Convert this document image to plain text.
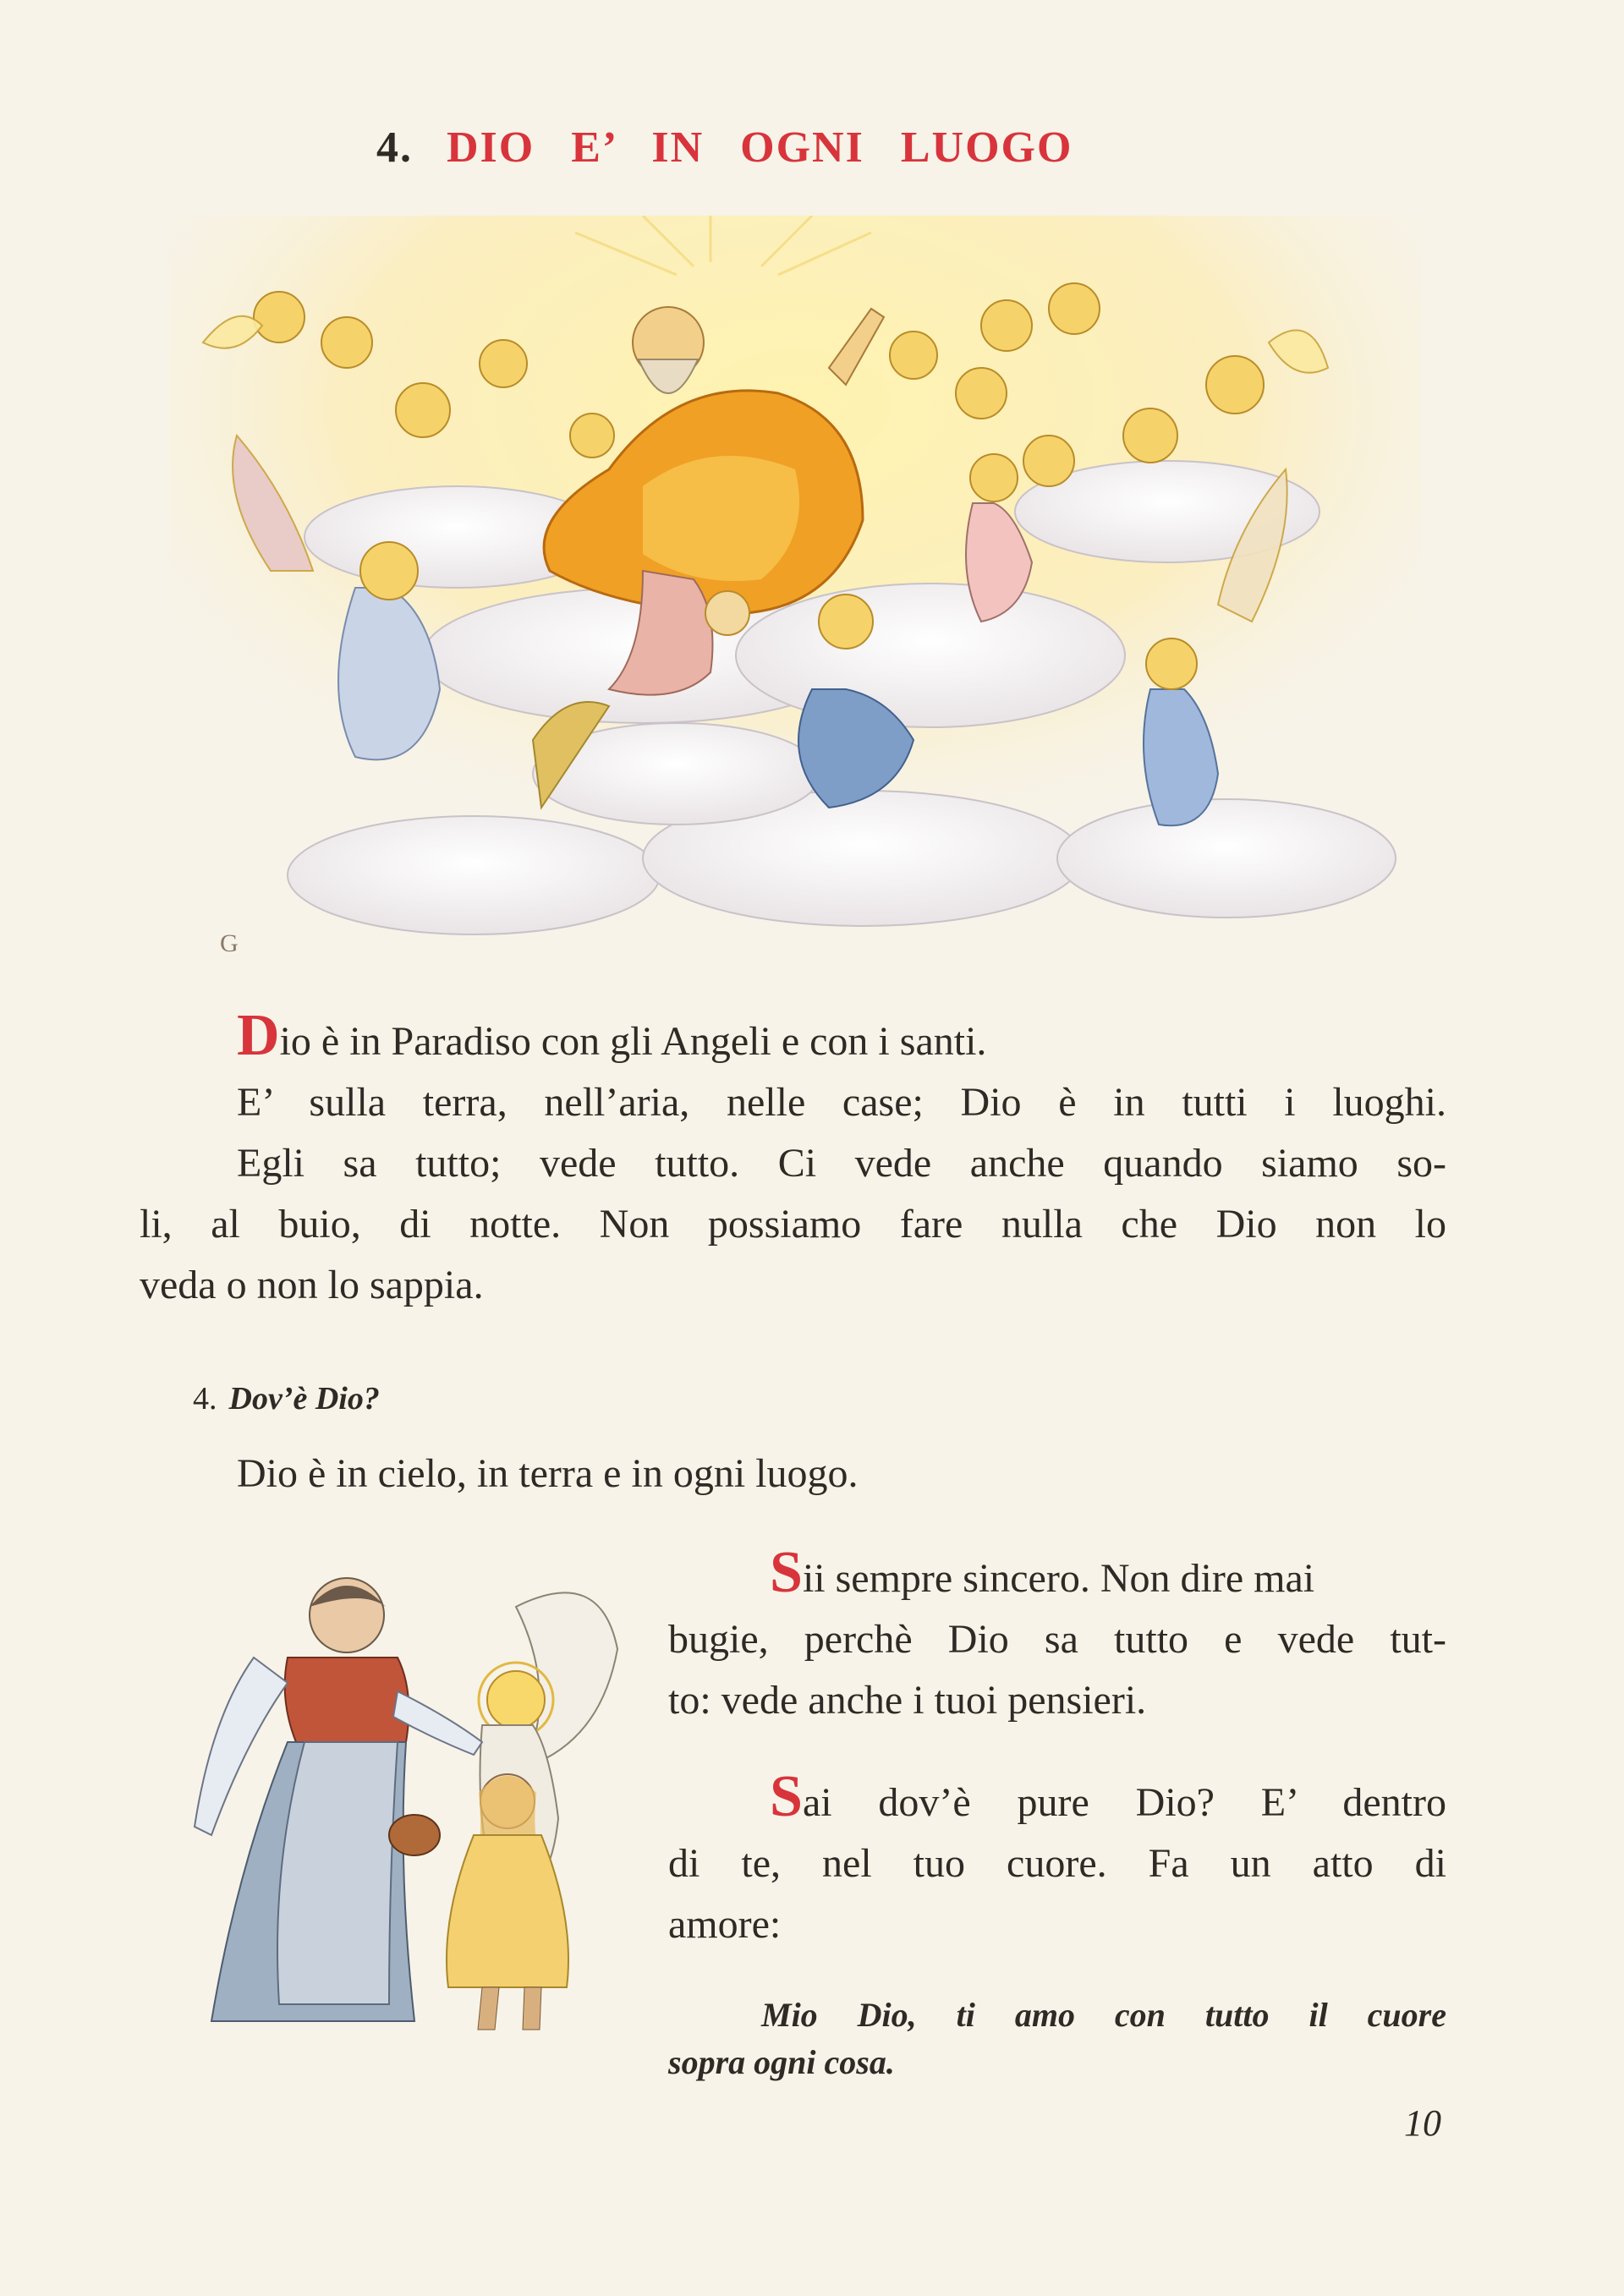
4. DIO E’ IN OGNI LUOGO
G
Dio è in Paradiso con gli Angeli e con i santi.
E’ sulla terra, nell’aria, nelle case; Dio è in tutti i luoghi.
Egli sa tutto; vede tutto. Ci vede anche quando siamo so-
li, al buio, di notte. Non possiamo fare nulla che Dio non lo
veda o non lo sappia.
4. Dov’è Dio?
Dio è in cielo, in terra e in ogni luogo.
Sii sempre sincero. Non dire mai
bugie, perchè Dio sa tutto e vede tut-
to: vede anche i tuoi pensieri.
Sai dov’è pure Dio? E’ dentro
di te, nel tuo cuore. Fa un atto di
amore:
Mio Dio, ti amo con tutto il cuore
sopra ogni cosa.
10
